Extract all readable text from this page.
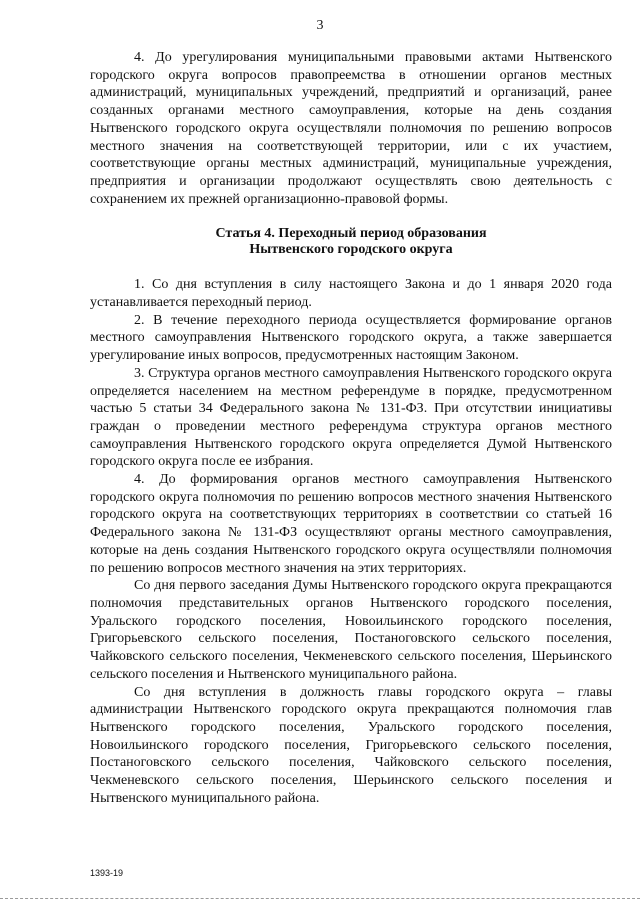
3

4. До урегулирования муниципальными правовыми актами Нытвенского городского округа вопросов правопреемства в отношении органов местных администраций, муниципальных учреждений, предприятий и организаций, ранее созданных органами местного самоуправления, которые на день создания Нытвенского городского округа осуществляли полномочия по решению вопросов местного значения на соответствующей территории, или с их участием, соответствующие органы местных администраций, муниципальные учреждения, предприятия и организации продолжают осуществлять свою деятельность с сохранением их прежней организационно-правовой формы.

Статья 4. Переходный период образования
Нытвенского городского округа

1. Со дня вступления в силу настоящего Закона и до 1 января 2020 года устанавливается переходный период.

2. В течение переходного периода осуществляется формирование органов местного самоуправления Нытвенского городского округа, а также завершается урегулирование иных вопросов, предусмотренных настоящим Законом.

3. Структура органов местного самоуправления Нытвенского городского округа определяется населением на местном референдуме в порядке, предусмотренном частью 5 статьи 34 Федерального закона № 131-ФЗ. При отсутствии инициативы граждан о проведении местного референдума структура органов местного самоуправления Нытвенского городского округа определяется Думой Нытвенского городского округа после ее избрания.

4. До формирования органов местного самоуправления Нытвенского городского округа полномочия по решению вопросов местного значения Нытвенского городского округа на соответствующих территориях в соответствии со статьей 16 Федерального закона № 131-ФЗ осуществляют органы местного самоуправления, которые на день создания Нытвенского городского округа осуществляли полномочия по решению вопросов местного значения на этих территориях.

Со дня первого заседания Думы Нытвенского городского округа прекращаются полномочия представительных органов Нытвенского городского поселения, Уральского городского поселения, Новоильинского городского поселения, Григорьевского сельского поселения, Постаноговского сельского поселения, Чайковского сельского поселения, Чекменевского сельского поселения, Шерьинского сельского поселения и Нытвенского муниципального района.

Со дня вступления в должность главы городского округа – главы администрации Нытвенского городского округа прекращаются полномочия глав Нытвенского городского поселения, Уральского городского поселения, Новоильинского городского поселения, Григорьевского сельского поселения, Постаноговского сельского поселения, Чайковского сельского поселения, Чекменевского сельского поселения, Шерьинского сельского поселения и Нытвенского муниципального района.

1393-19
